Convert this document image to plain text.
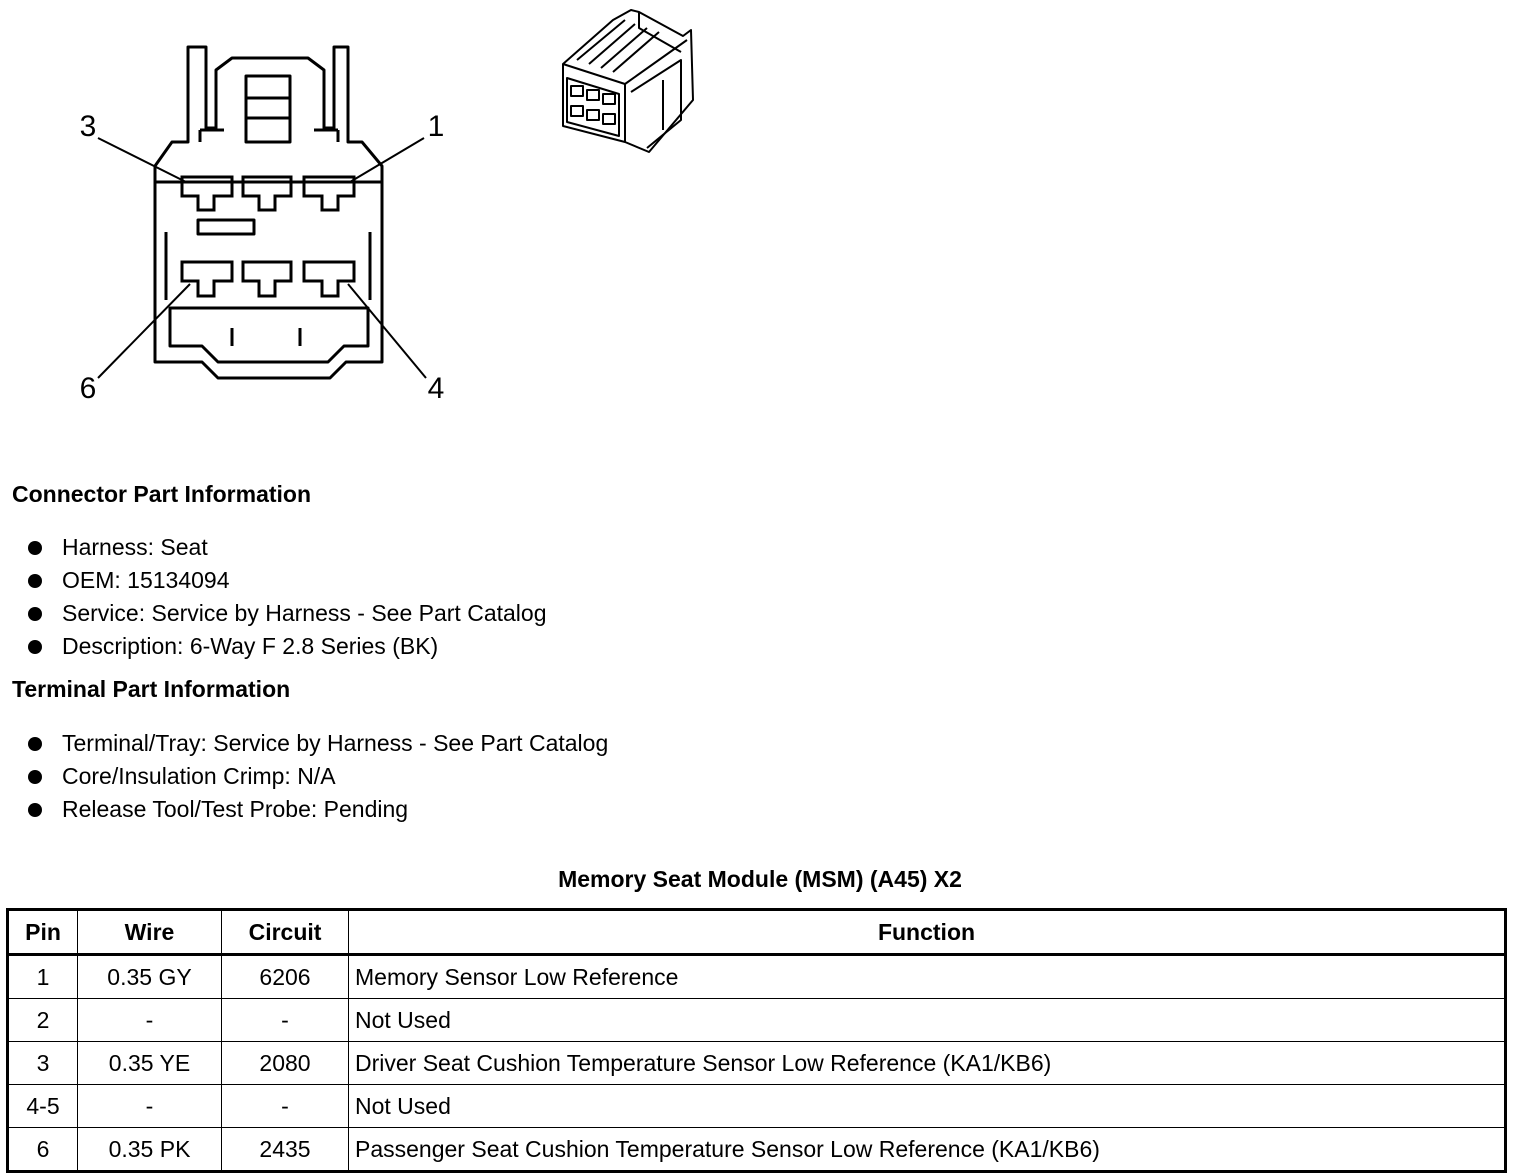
3	1
6	4
Connector Part Information
Harness: Seat
OEM: 15134094
Service: Service by Harness - See Part Catalog
Description: 6-Way F 2.8 Series (BK)
Terminal Part Information
Terminal/Tray: Service by Harness - See Part Catalog
Core/Insulation Crimp: N/A
Release Tool/Test Probe: Pending
Memory Seat Module (MSM) (A45) X2
Pin	Wire	Circuit	Function
1	0.35 GY	6206	Memory Sensor Low Reference
2	-	-	Not Used
3	0.35 YE	2080	Driver Seat Cushion Temperature Sensor Low Reference (KA1/KB6)
4-5	-	-	Not Used
6	0.35 PK	2435	Passenger Seat Cushion Temperature Sensor Low Reference (KA1/KB6)
